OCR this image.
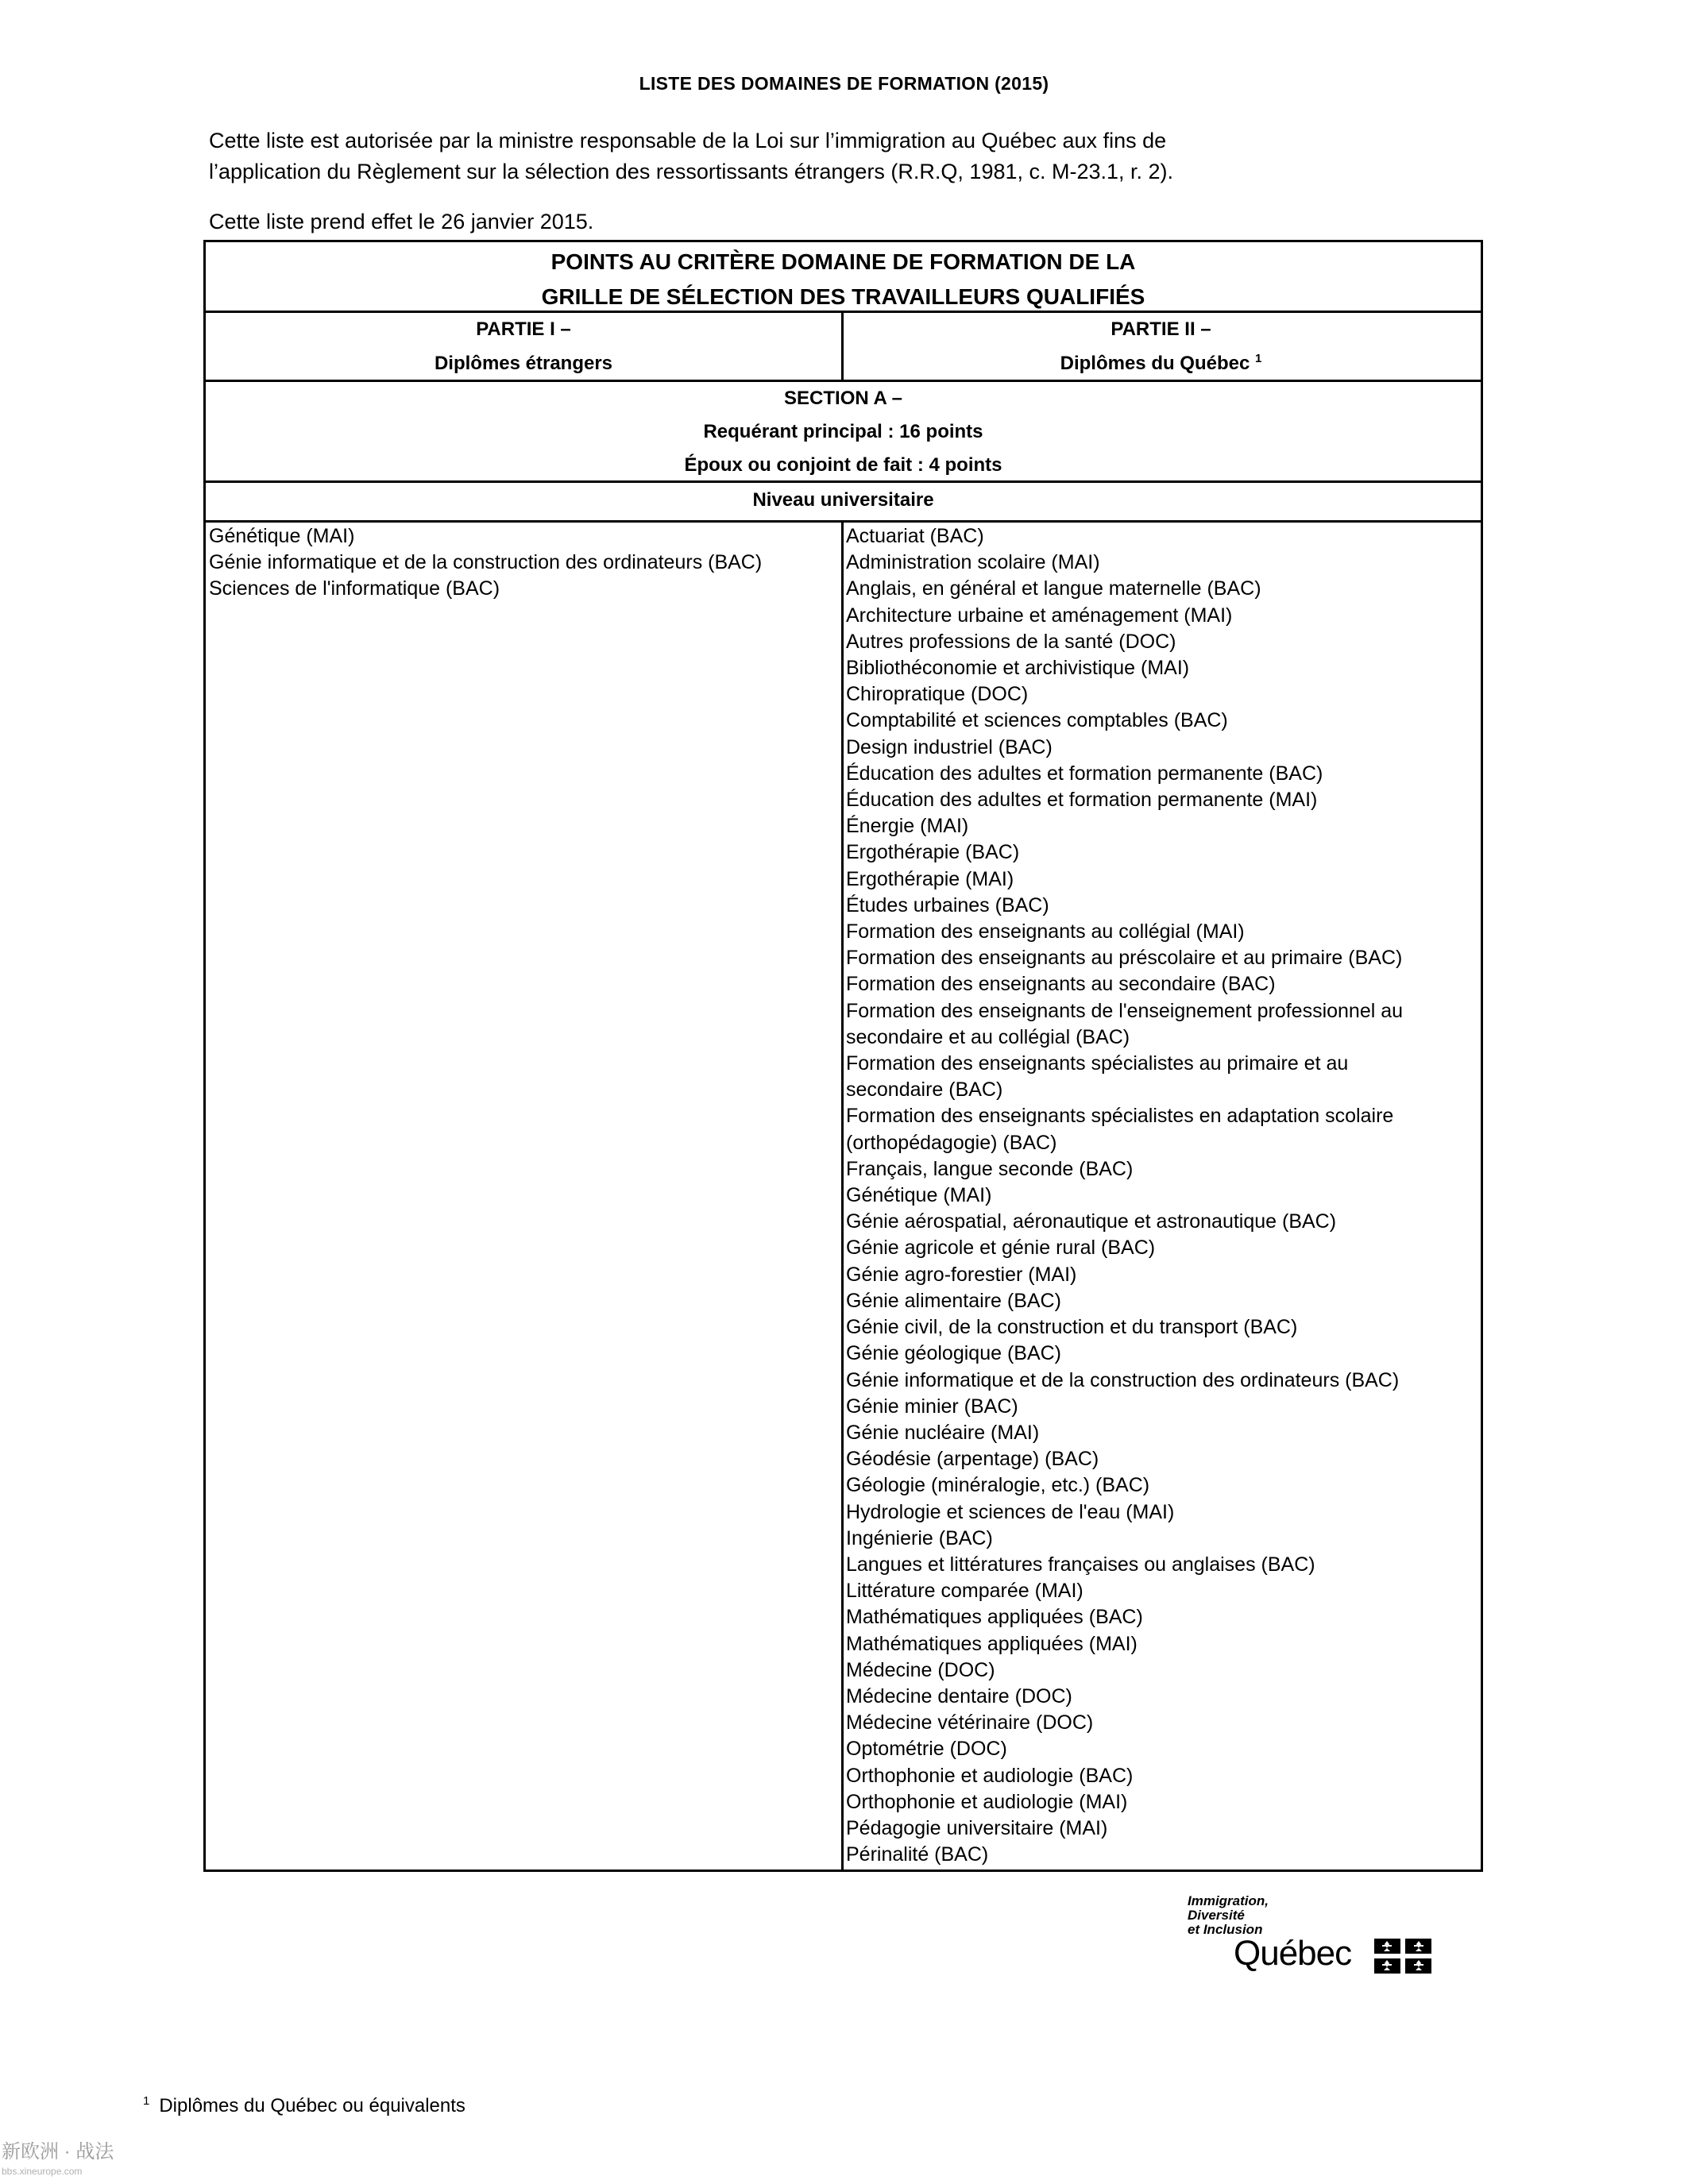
LISTE DES DOMAINES DE FORMATION (2015)

Cette liste est autorisée par la ministre responsable de la Loi sur l’immigration au Québec aux fins de

l’application du Règlement sur la sélection des ressortissants étrangers (R.R.Q, 1981, c. M-23.1, r. 2).

Cette liste prend effet le 26 janvier 2015.
POINTS AU CRITÈRE DOMAINE DE FORMATION DE LA
GRILLE DE SÉLECTION DES TRAVAILLEURS QUALIFIÉS
PARTIE I –
Diplômes étrangers
PARTIE II –
Diplômes du Québec $^1$
SECTION A –
Requérant principal : 16 points
Époux ou conjoint de fait : 4 points
Niveau universitaire
Génétique (MAI)
Génie informatique et de la construction des ordinateurs (BAC)
Sciences de l'informatique (BAC)
Actuariat (BAC)
Administration scolaire (MAI)
Anglais, en général et langue maternelle (BAC)
Architecture urbaine et aménagement (MAI)
Autres professions de la santé (DOC)
Bibliothéconomie et archivistique (MAI)
Chiropratique (DOC)
Comptabilité et sciences comptables (BAC)
Design industriel (BAC)
Éducation des adultes et formation permanente (BAC)
Éducation des adultes et formation permanente (MAI)
Énergie (MAI)
Ergothérapie (BAC)
Ergothérapie (MAI)
Études urbaines (BAC)
Formation des enseignants au collégial (MAI)
Formation des enseignants au préscolaire et au primaire (BAC)
Formation des enseignants au secondaire (BAC)
Formation des enseignants de l'enseignement professionnel au
secondaire et au collégial (BAC)
Formation des enseignants spécialistes au primaire et au
secondaire (BAC)
Formation des enseignants spécialistes en adaptation scolaire
(orthopédagogie) (BAC)
Français, langue seconde (BAC)
Génétique (MAI)
Génie aérospatial, aéronautique et astronautique (BAC)
Génie agricole et génie rural (BAC)
Génie agro-forestier (MAI)
Génie alimentaire (BAC)
Génie civil, de la construction et du transport (BAC)
Génie géologique (BAC)
Génie informatique et de la construction des ordinateurs (BAC)
Génie minier (BAC)
Génie nucléaire (MAI)
Géodésie (arpentage) (BAC)
Géologie (minéralogie, etc.) (BAC)
Hydrologie et sciences de l'eau (MAI)
Ingénierie (BAC)
Langues et littératures françaises ou anglaises (BAC)
Littérature comparée (MAI)
Mathématiques appliquées (BAC)
Mathématiques appliquées (MAI)
Médecine (DOC)
Médecine dentaire (DOC)
Médecine vétérinaire (DOC)
Optométrie (DOC)
Orthophonie et audiologie (BAC)
Orthophonie et audiologie (MAI)
Pédagogie universitaire (MAI)
Périnalité (BAC)
Immigration,
Diversité
et Inclusion
Québec
$^1$ Diplômes du Québec ou équivalents
新欧洲 · 战法
bbs.xineurope.com
